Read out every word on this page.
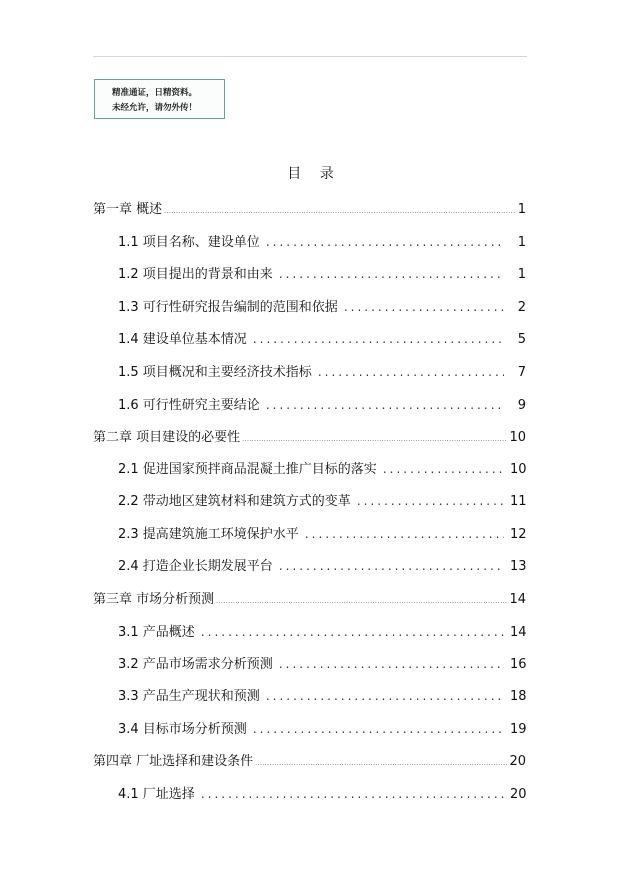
精准通证，日精资料。
未经允许，请勿外传！
目 录
第一章 概述 .....	1
1.1 项目名称、建设单位 .....	1
1.2 项目提出的背景和由来 .....	1
1.3 可行性研究报告编制的范围和依据 .....	2
1.4 建设单位基本情况 .....	5
1.5 项目概况和主要经济技术指标 .....	7
1.6 可行性研究主要结论 .....	9
第二章 项目建设的必要性 .....	10
2.1 促进国家预拌商品混凝土推广目标的落实 .....	10
2.2 带动地区建筑材料和建筑方式的变革 .....	11
2.3 提高建筑施工环境保护水平 .....	12
2.4 打造企业长期发展平台 .....	13
第三章 市场分析预测 .....	14
3.1 产品概述 .....	14
3.2 产品市场需求分析预测 .....	16
3.3 产品生产现状和预测 .....	18
3.4 目标市场分析预测 .....	19
第四章 厂址选择和建设条件 .....	20
4.1 厂址选择 .....	20
